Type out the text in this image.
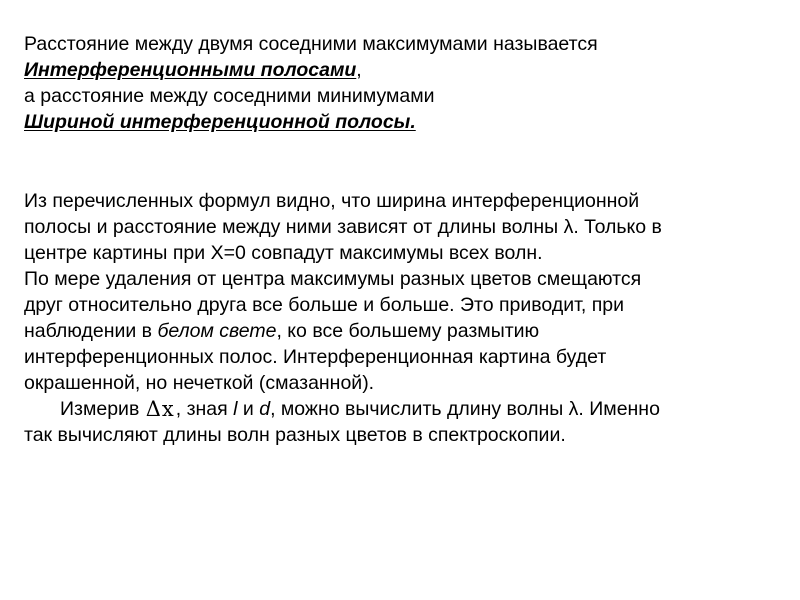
Расстояние между двумя соседними максимумами называется
Интерференционными полосами,
а расстояние между соседними минимумами
Шириной интерференционной полосы.
Из перечисленных формул видно, что ширина интерференционной
полосы и расстояние между ними зависят от длины волны λ. Только в
центре картины при Х=0 совпадут максимумы всех волн.
По мере удаления от центра максимумы разных цветов смещаются
друг относительно друга все больше и больше. Это приводит, при
наблюдении в белом свете, ко все большему размытию
интерференционных полос. Интерференционная картина будет
окрашенной, но нечеткой (смазанной).
Измерив Δx, зная l и d, можно вычислить длину волны λ. Именно
так вычисляют длины волн разных цветов в спектроскопии.
